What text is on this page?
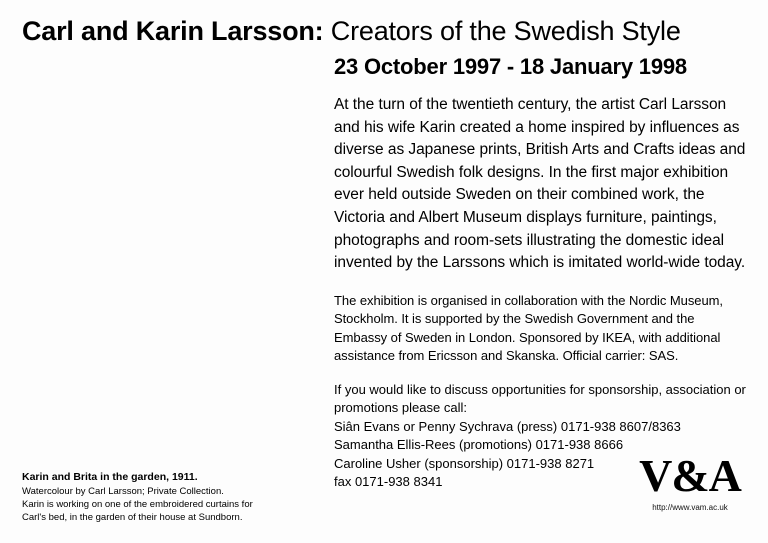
Carl and Karin Larsson: Creators of the Swedish Style

23 October 1997 - 18 January 1998

At the turn of the twentieth century, the artist Carl Larsson and his wife Karin created a home inspired by influences as diverse as Japanese prints, British Arts and Crafts ideas and colourful Swedish folk designs. In the first major exhibition ever held outside Sweden on their combined work, the Victoria and Albert Museum displays furniture, paintings, photographs and room-sets illustrating the domestic ideal invented by the Larssons which is imitated world-wide today.

The exhibition is organised in collaboration with the Nordic Museum, Stockholm. It is supported by the Swedish Government and the Embassy of Sweden in London. Sponsored by IKEA, with additional assistance from Ericsson and Skanska. Official carrier: SAS.

If you would like to discuss opportunities for sponsorship, association or
promotions please call:
Siân Evans or Penny Sychrava (press) 0171-938 8607/8363
Samantha Ellis-Rees (promotions) 0171-938 8666
Caroline Usher (sponsorship) 0171-938 8271
fax 0171-938 8341

Karin and Brita in the garden, 1911.

Watercolour by Carl Larsson; Private Collection.
Karin is working on one of the embroidered curtains for
Carl's bed, in the garden of their house at Sundborn.
V&A
http://www.vam.ac.uk
